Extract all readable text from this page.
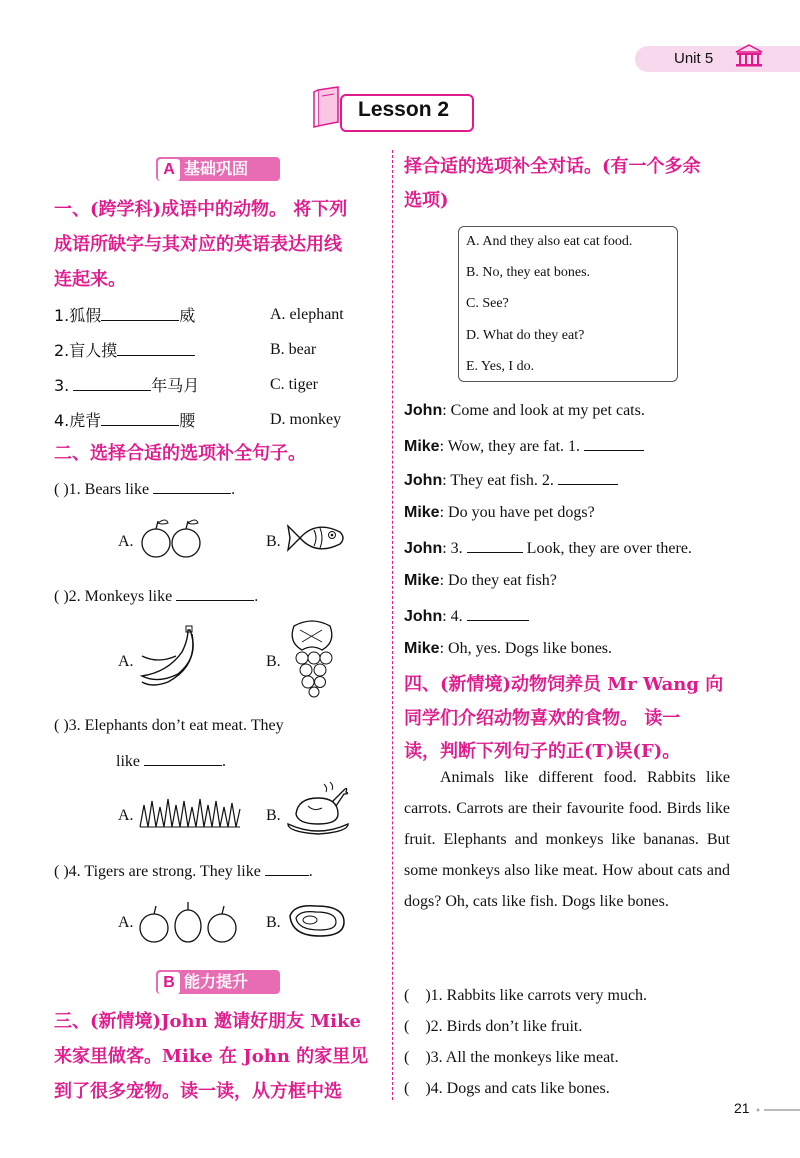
Unit 5
Lesson 2
A 基础巩固
一、(跨学科)成语中的动物。 将下列
成语所缺字与其对应的英语表达用线
连起来。
1.狐假	威	A. elephant
2.盲人摸	B. bear
3.	年马月	C. tiger
4.虎背	腰	D. monkey
二、选择合适的选项补全句子。
( )1. Bears like	.
A.	B.
( )2. Monkeys like	.
A.	B.
( )3. Elephants don’t eat meat. They
like	.
A.	B.
( )4. Tigers are strong. They like	.
A.	B.
B 能力提升
三、(新情境)John 邀请好朋友 Mike
来家里做客。Mike 在 John 的家里见
到了很多宠物。读一读，从方框中选
择合适的选项补全对话。(有一个多余
选项)
A. And they also eat cat food.
B. No, they eat bones.
C. See?
D. What do they eat?
E. Yes, I do.
John: Come and look at my pet cats.
Mike: Wow, they are fat. 1.
John: They eat fish. 2.
Mike: Do you have pet dogs?
John: 3.	Look, they are over there.
Mike: Do they eat fish?
John: 4.
Mike: Oh, yes. Dogs like bones.
四、(新情境)动物饲养员 Mr Wang 向
同学们介绍动物喜欢的食物。 读一
读，判断下列句子的正(T)误(F)。
Animals like different food. Rabbits like carrots. Carrots are their favourite food. Birds like fruit. Elephants and monkeys like bananas. But some monkeys also like meat. How about cats and dogs? Oh, cats like fish. Dogs like bones.
(    )1. Rabbits like carrots very much.
(    )2. Birds don’t like fruit.
(    )3. All the monkeys like meat.
(    )4. Dogs and cats like bones.
21
